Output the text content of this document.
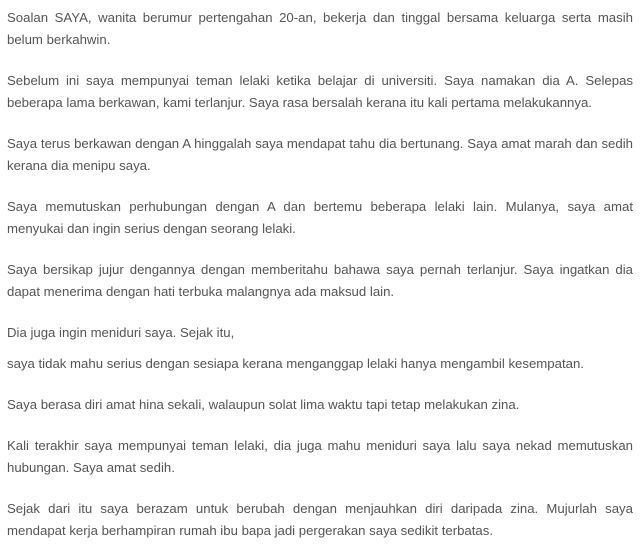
Soalan SAYA, wanita berumur pertengahan 20-an, bekerja dan tinggal bersama keluarga serta masih belum berkahwin.

Sebelum ini saya mempunyai teman lelaki ketika belajar di universiti. Saya namakan dia A. Selepas beberapa lama berkawan, kami terlanjur. Saya rasa bersalah kerana itu kali pertama melakukannya.

Saya terus berkawan dengan A hinggalah saya mendapat tahu dia bertunang. Saya amat marah dan sedih kerana dia menipu saya.

Saya memutuskan perhubungan dengan A dan bertemu beberapa lelaki lain. Mulanya, saya amat menyukai dan ingin serius dengan seorang lelaki.

Saya bersikap jujur dengannya dengan memberitahu bahawa saya pernah terlanjur. Saya ingatkan dia dapat menerima dengan hati terbuka malangnya ada maksud lain.

Dia juga ingin meniduri saya. Sejak itu,

saya tidak mahu serius dengan sesiapa kerana menganggap lelaki hanya mengambil kesempatan.

Saya berasa diri amat hina sekali, walaupun solat lima waktu tapi tetap melakukan zina.

Kali terakhir saya mempunyai teman lelaki, dia juga mahu meniduri saya lalu saya nekad memutuskan hubungan. Saya amat sedih.

Sejak dari itu saya berazam untuk berubah dengan menjauhkan diri daripada zina. Mujurlah saya mendapat kerja berhampiran rumah ibu bapa jadi pergerakan saya sedikit terbatas.
